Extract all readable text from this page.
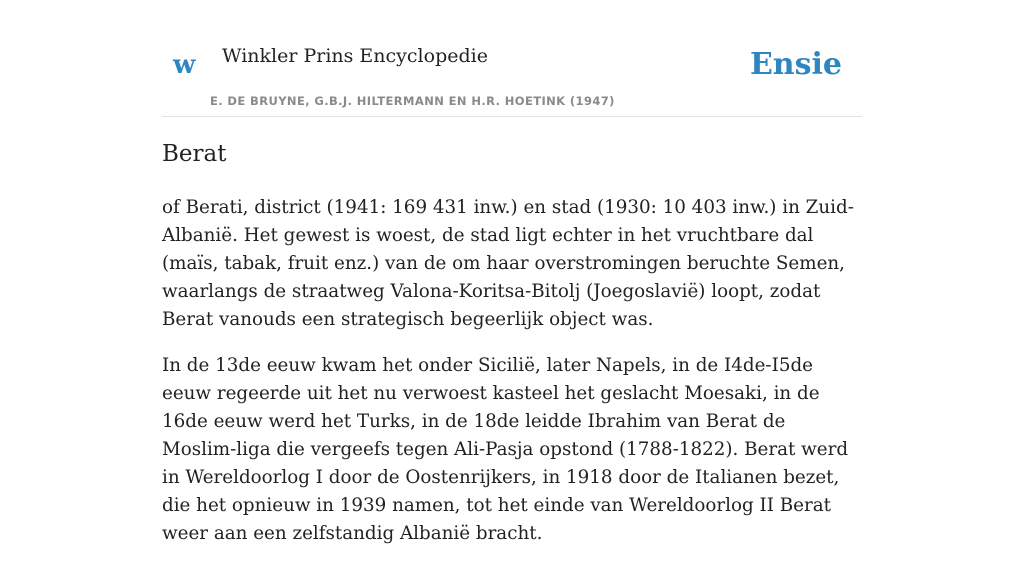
w Winkler Prins Encyclopedie
E. DE BRUYNE, G.B.J. HILTERMANN EN H.R. HOETINK (1947)
Ensie
Berat

of Berati, district (1941: 169 431 inw.) en stad (1930: 10 403 inw.) in Zuid-Albanië. Het gewest is woest, de stad ligt echter in het vruchtbare dal (maïs, tabak, fruit enz.) van de om haar overstromingen beruchte Semen, waarlangs de straatweg Valona-Koritsa-Bitolj (Joegoslavië) loopt, zodat Berat vanouds een strategisch begeerlijk object was.

In de 13de eeuw kwam het onder Sicilië, later Napels, in de I4de-I5de eeuw regeerde uit het nu verwoest kasteel het geslacht Moesaki, in de 16de eeuw werd het Turks, in de 18de leidde Ibrahim van Berat de Moslim-liga die vergeefs tegen Ali-Pasja opstond (1788-1822). Berat werd in Wereldoorlog I door de Oostenrijkers, in 1918 door de Italianen bezet, die het opnieuw in 1939 namen, tot het einde van Wereldoorlog II Berat weer aan een zelfstandig Albanië bracht.
